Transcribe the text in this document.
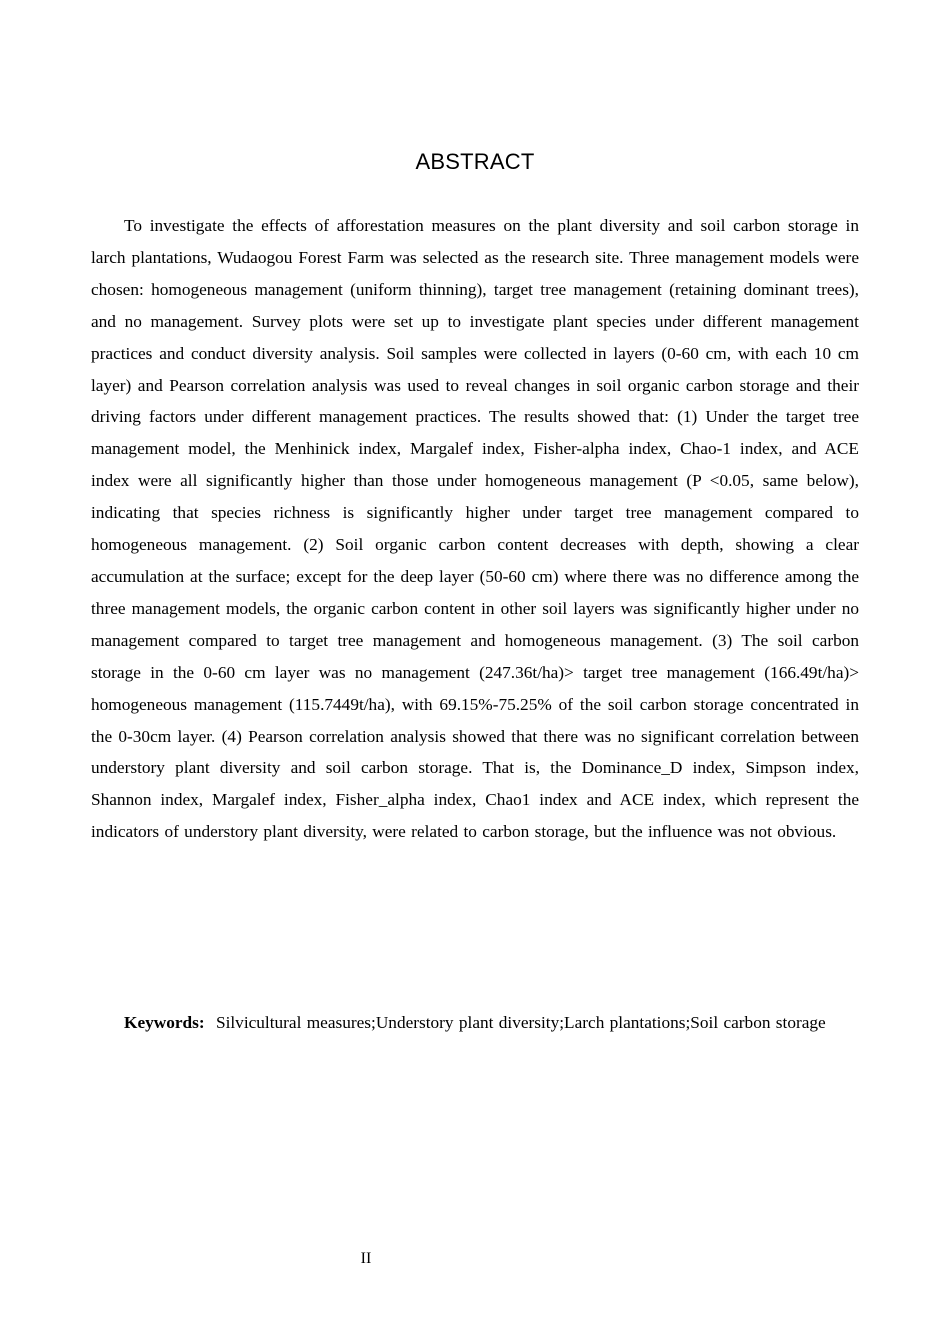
ABSTRACT

To investigate the effects of afforestation measures on the plant diversity and soil carbon storage in larch plantations, Wudaogou Forest Farm was selected as the research site. Three management models were chosen: homogeneous management (uniform thinning), target tree management (retaining dominant trees), and no management. Survey plots were set up to investigate plant species under different management practices and conduct diversity analysis. Soil samples were collected in layers (0-60 cm, with each 10 cm layer) and Pearson correlation analysis was used to reveal changes in soil organic carbon storage and their driving factors under different management practices. The results showed that: (1) Under the target tree management model, the Menhinick index, Margalef index, Fisher-alpha index, Chao-1 index, and ACE index were all significantly higher than those under homogeneous management (P <0.05, same below), indicating that species richness is significantly higher under target tree management compared to homogeneous management. (2) Soil organic carbon content decreases with depth, showing a clear accumulation at the surface; except for the deep layer (50-60 cm) where there was no difference among the three management models, the organic carbon content in other soil layers was significantly higher under no management compared to target tree management and homogeneous management. (3) The soil carbon storage in the 0-60 cm layer was no management (247.36t/ha)> target tree management (166.49t/ha)> homogeneous management (115.7449t/ha), with 69.15%-75.25% of the soil carbon storage concentrated in the 0-30cm layer. (4) Pearson correlation analysis showed that there was no significant correlation between understory plant diversity and soil carbon storage. That is, the Dominance_D index, Simpson index, Shannon index, Margalef index, Fisher_alpha index, Chao1 index and ACE index, which represent the indicators of understory plant diversity, were related to carbon storage, but the influence was not obvious.

Keywords: Silvicultural measures;Understory plant diversity;Larch plantations;Soil carbon storage

II
